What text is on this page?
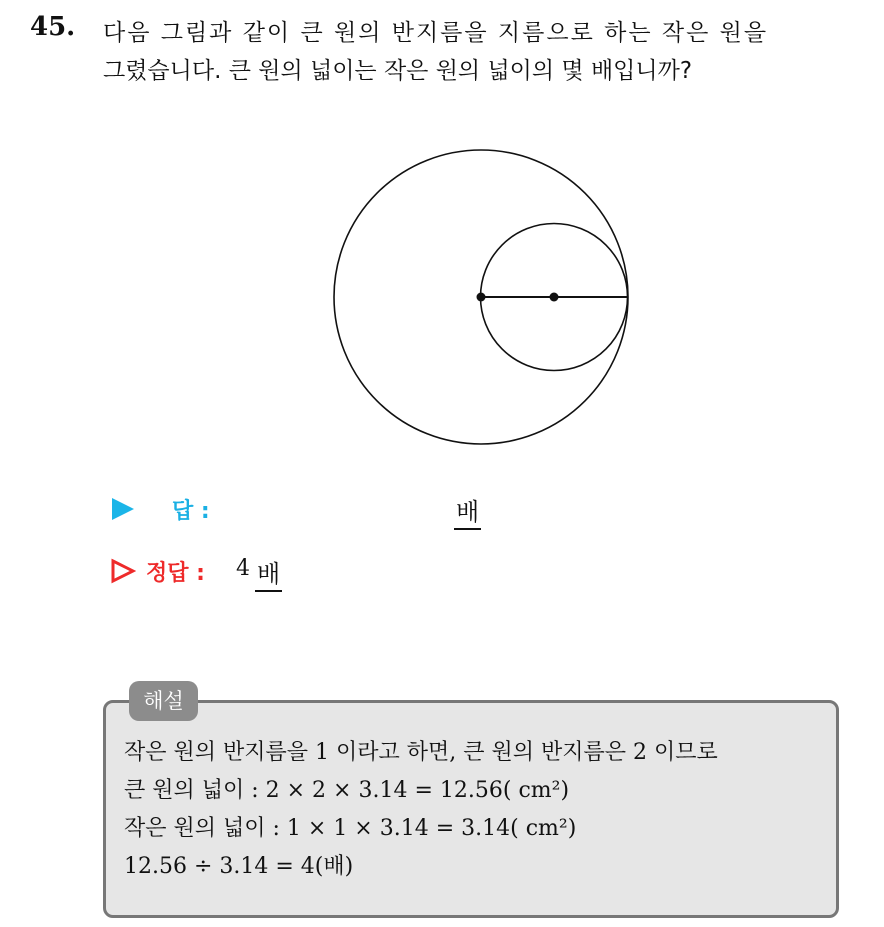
45. 다음 그림과 같이 큰 원의 반지름을 지름으로 하는 작은 원을
그렸습니다. 큰 원의 넓이는 작은 원의 넓이의 몇 배입니까?
답 :	배
정답 : 4 배
해설
작은 원의 반지름을 1 이라고 하면, 큰 원의 반지름은 2 이므로
큰 원의 넓이 : 2 × 2 × 3.14 = 12.56( cm²)
작은 원의 넓이 : 1 × 1 × 3.14 = 3.14( cm²)
12.56 ÷ 3.14 = 4(배)
